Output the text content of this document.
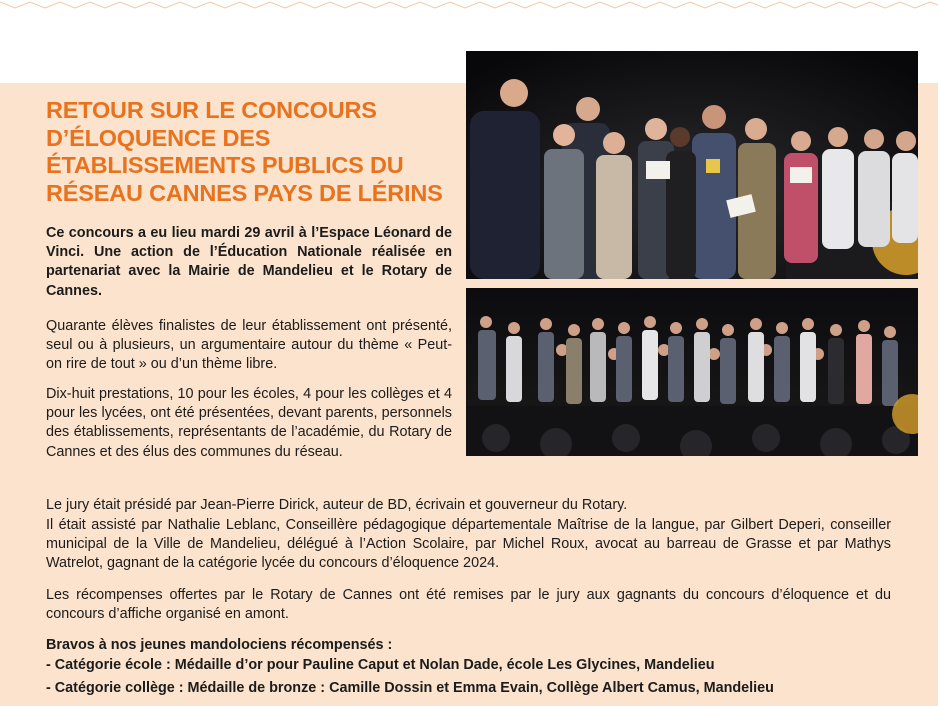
RETOUR SUR LE CONCOURS
D’ÉLOQUENCE DES
ÉTABLISSEMENTS PUBLICS DU
RÉSEAU CANNES PAYS DE LÉRINS

Ce concours a eu lieu mardi 29 avril à l’Espace Léonard de Vinci. Une action de l’Éducation Nationale réalisée en partenariat avec la Mairie de Mandelieu et le Rotary de Cannes.

Quarante élèves finalistes de leur établissement ont présenté, seul ou à plusieurs, un argumentaire autour du thème « Peut-on rire de tout » ou d’un thème libre.

Dix-huit prestations, 10 pour les écoles, 4 pour les collèges et 4 pour les lycées, ont été présentées, devant parents, personnels des établissements, représentants de l’académie, du Rotary de Cannes et des élus des communes du réseau.

Le jury était présidé par Jean-Pierre Dirick, auteur de BD, écrivain et gouverneur du Rotary.

Il était assisté par Nathalie Leblanc, Conseillère pédagogique départementale Maîtrise de la langue, par Gilbert Deperi, conseiller municipal de la Ville de Mandelieu, délégué à l’Action Scolaire, par Michel Roux, avocat au barreau de Grasse et par Mathys Watrelot, gagnant de la catégorie lycée du concours d’éloquence 2024.

Les récompenses offertes par le Rotary de Cannes ont été remises par le jury aux gagnants du concours d’éloquence et du concours d’affiche organisé en amont.

Bravos à nos jeunes mandolociens récompensés :

- Catégorie école : Médaille d’or pour Pauline Caput et Nolan Dade, école Les Glycines, Mandelieu

- Catégorie collège : Médaille de bronze : Camille Dossin et Emma Evain, Collège Albert Camus, Mandelieu
